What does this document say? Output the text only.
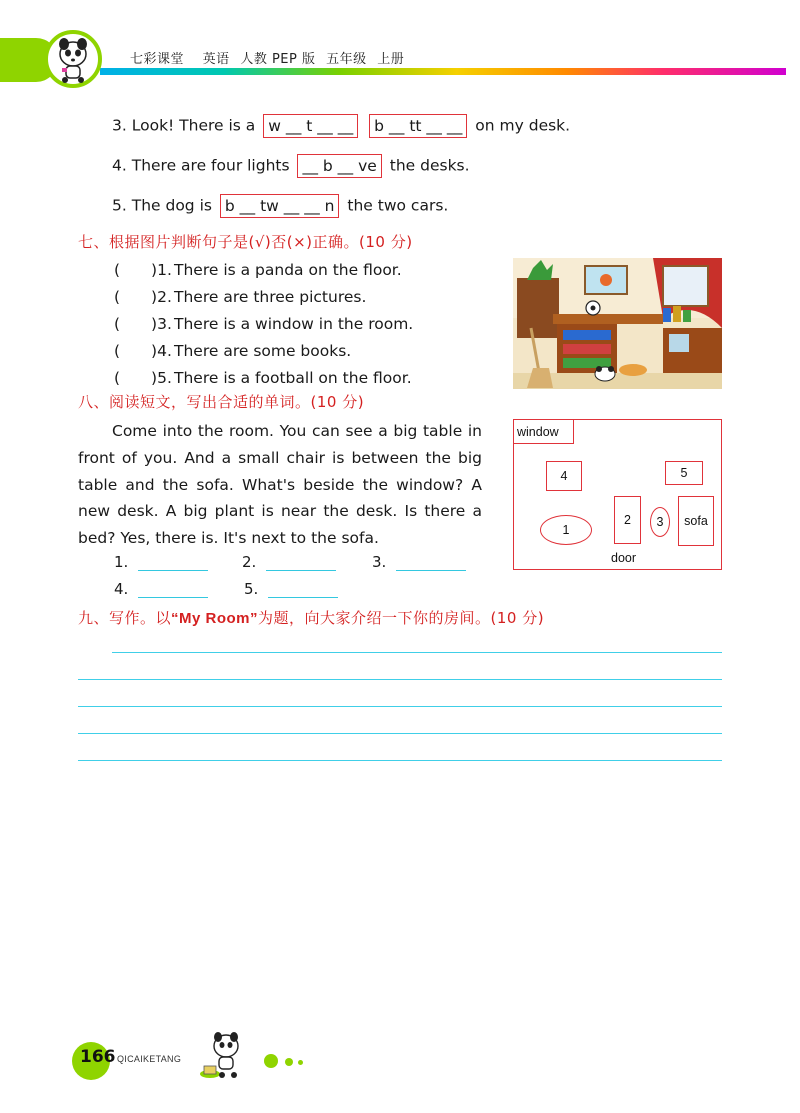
七彩课堂 英语 人教 PEP 版 五年级 上册
3. Look! There is a w __ t __ __ b __ tt __ __ on my desk.
4. There are four lights __ b __ ve the desks.
5. The dog is b __ tw __ __ n the two cars.
七、根据图片判断句子是(√)否(×)正确。(10 分)
(　　)1. There is a panda on the floor.
(　　)2. There are three pictures.
(　　)3. There is a window in the room.
(　　)4. There are some books.
(　　)5. There is a football on the floor.
八、阅读短文，写出合适的单词。(10 分)
Come into the room. You can see a big table in front of you. And a small chair is between the big table and the sofa. What's beside the window? A new desk. A big plant is near the desk. Is there a bed? Yes, there is. It's next to the sofa.
1.	2.	3.
4.	5.
window
4	5
1
2	3	sofa
door
九、写作。以“My Room”为题，向大家介绍一下你的房间。(10 分)
166 QICAIKETANG
